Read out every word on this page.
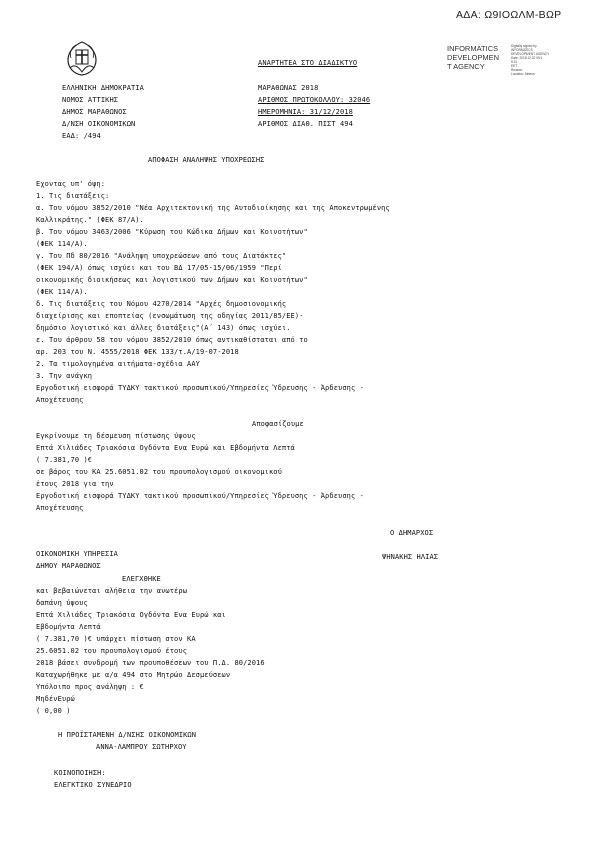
ΑΔΑ: Ω9ΙΟΩΛΜ-ΒΩΡ
INFORMATICS
DEVELOPMEN
T AGENCY
Digitally signed by
INFORMATICS
DEVELOPMENT AGENCY
Date: 2018.12.31 09:1
9:31
EET
Reason:
Location: Athens
ΑΝΑΡΤΗΤΕΑ ΣΤΟ ΔΙΑΔΙΚΤΥΟ
ΕΛΛΗΝΙΚΗ ΔΗΜΟΚΡΑΤΙΑ
ΝΟΜΟΣ ΑΤΤΙΚΗΣ
ΔΗΜΟΣ ΜΑΡΑΘΩΝΟΣ
Δ/ΝΣΗ ΟΙΚΟΝΟΜΙΚΩΝ
ΕΑΔ: /494
ΜΑΡΑΘΩΝΑΣ 2018
ΑΡΙΘΜΟΣ ΠΡΩΤΟΚΟΛΛΟΥ: 32046
ΗΜΕΡΟΜΗΝΙΑ: 31/12/2018
ΑΡΙΘΜΟΣ ΔΙΑΘ. ΠΙΣΤ 494
ΑΠΟΦΑΣΗ ΑΝΑΛΗΨΗΣ ΥΠΟΧΡΕΩΣΗΣ
Εχοντας υπ' όψη:
1. Τις διατάξεις:
α. Του νόμου 3852/2010 "Νέα Αρχιτεκτονική της Αυτοδιοίκησης και της Αποκεντρωμένης
Καλλικράτης." (ΦΕΚ 87/Α).
β. Του νόμου 3463/2006 "Κύρωση του Κώδικα Δήμων και Κοινοτήτων"
(ΦΕΚ 114/Α).
γ. Του Πδ 80/2016 "Ανάληψη υποχρεώσεων από τους Διατάκτες"
(ΦΕΚ 194/Α) όπως ισχύει και του ΒΔ 17/05-15/06/1959 "Περί
οικονομικής διοικήσεως και λογιστικού των Δήμων και Κοινοτήτων"
(ΦΕΚ 114/Α).
δ. Τις διατάξεις του Νόμου 4270/2014 "Αρχές δημοσιονομικής
διαχείρισης και εποπτείας (ενσωμάτωση της οδηγίας 2011/85/ΕΕ)-
δημόσιο λογιστικό και άλλες διατάξεις"(Α΄ 143) όπως ισχύει.
ε. Του άρθρου 58 του νόμου 3852/2010 όπως αντικαθίσταται από το
αρ. 203 του Ν. 4555/2018 ΦΕΚ 133/τ.Α/19-07-2018
2. Τα τιμολογημένα αιτήματα-σχέδια ΑΑΥ
3. Την ανάγκη
Εργοδοτική εισφορά ΤΥΔΚΥ τακτικού προσωπικού/Υπηρεσίες Ύδρευσης - Άρδευσης -
Αποχέτευσης
Αποφασίζουμε
Εγκρίνουμε τη δέσμευση πίστωσης ύψους
Επτά Χιλιάδες Τριακόσια Ογδόντα Ενα Ευρώ και Εβδομήντα Λεπτά
( 7.381,70 )€
σε βάρος του ΚΑ 25.6051.02 του προυπολογισμού οικονομικού
έτους 2018 για την
Εργοδοτική εισφορά ΤΥΔΚΥ τακτικού προσωπικού/Υπηρεσίες Ύδρευσης - Άρδευσης -
Αποχέτευσης
Ο ΔΗΜΑΡΧΟΣ
ΨΗΝΑΚΗΣ ΗΛΙΑΣ
ΟΙΚΟΝΟΜΙΚΗ ΥΠΗΡΕΣΙΑ
ΔΗΜΟΥ ΜΑΡΑΘΩΝΟΣ
ΕΛΕΓΧΘΗΚΕ
και βεβαιώνεται αλήθεια την ανωτέρω
δαπάνη ύψους
Επτά Χιλιάδες Τριακόσια Ογδόντα Ενα Ευρώ και
Εβδομήντα Λεπτά
( 7.381,70 )€ υπάρχει πίστωση στον ΚΑ
25.6051.02 του προυπολογισμού έτους
2018 βάσει συνδρομή των προυποθέσεων του Π.Δ. 80/2016
Καταχωρήθηκε με α/α 494 στο Μητρώο Δεσμεύσεων
Υπόλοιπο προς ανάληψη : €
ΜηδένΕυρώ
( 0,00 )
Η ΠΡΟΪΣΤΑΜΕΝΗ Δ/ΝΣΗΣ ΟΙΚΟΝΟΜΙΚΩΝ
ΑΝΝΑ-ΛΑΜΠΡΟΥ ΣΩΤΗΡΧΟΥ
ΚΟΙΝΟΠΟΙΗΣΗ:
ΕΛΕΓΚΤΙΚΟ ΣΥΝΕΔΡΙΟ
